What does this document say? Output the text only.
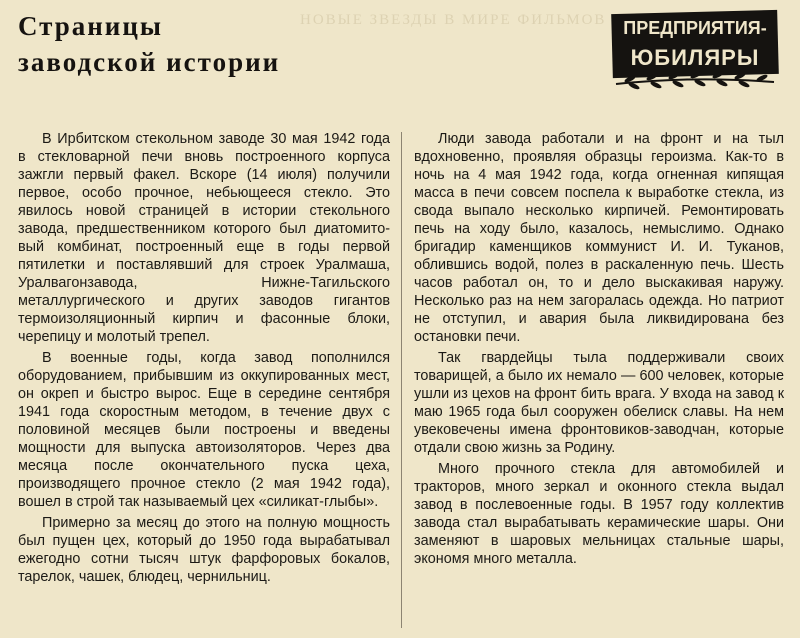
НОВЫЕ ЗВЕЗДЫ В МИРЕ ФИЛЬМОВ
Страницы
заводской истории
ПРЕДПРИЯТИЯ-
ЮБИЛЯРЫ

В Ирбитском стекольном заводе 30 мая 1942 года в стекловарной печи вновь построенного корпуса зажгли первый факел. Вскоре (14 июля) получили первое, особо прочное, небьющееся стекло. Это явилось новой страницей в истории стекольного завода, предшественником которого был диатомитовый комбинат, построенный еще в годы первой пятилетки и поставлявший для строек Уралмаша, Уралвагонзавода, Нижне-Тагильского металлургического и других заводов гигантов термоизоляционный кирпич и фасонные блоки, черепицу и молотый трепел.

В военные годы, когда завод пополнился оборудованием, прибывшим из оккупированных мест, он окреп и быстро вырос. Еще в середине сентября 1941 года скоростным методом, в течение двух с половиной месяцев были построены и введены мощности для выпуска автоизоляторов. Через два месяца после окончательного пуска цеха, производящего прочное стекло (2 мая 1942 года), вошел в строй так называемый цех «силикат-глыбы».

Примерно за месяц до этого на полную мощность был пущен цех, который до 1950 года вырабатывал ежегодно сотни тысяч штук фарфоровых бокалов, тарелок, чашек, блюдец, чернильниц.

Люди завода работали и на фронт и на тыл вдохновенно, проявляя образцы героизма. Как-то в ночь на 4 мая 1942 года, когда огненная кипящая масса в печи совсем поспела к выработке стекла, из свода выпало несколько кирпичей. Ремонтировать печь на ходу было, казалось, немыслимо. Однако бригадир каменщиков коммунист И. И. Туканов, облившись водой, полез в раскаленную печь. Шесть часов работал он, то и дело выскакивая наружу. Несколько раз на нем загоралась одежда. Но патриот не отступил, и авария была ликвидирована без остановки печи.

Так гвардейцы тыла поддерживали своих товарищей, а было их немало — 600 человек, которые ушли из цехов на фронт бить врага. У входа на завод к маю 1965 года был сооружен обелиск славы. На нем увековечены имена фронтовиков-заводчан, которые отдали свою жизнь за Родину.

Много прочного стекла для автомобилей и тракторов, много зеркал и оконного стекла выдал завод в послевоенные годы. В 1957 году коллектив завода стал вырабатывать керамические шары. Они заменяют в шаровых мельницах стальные шары, экономя много металла.
